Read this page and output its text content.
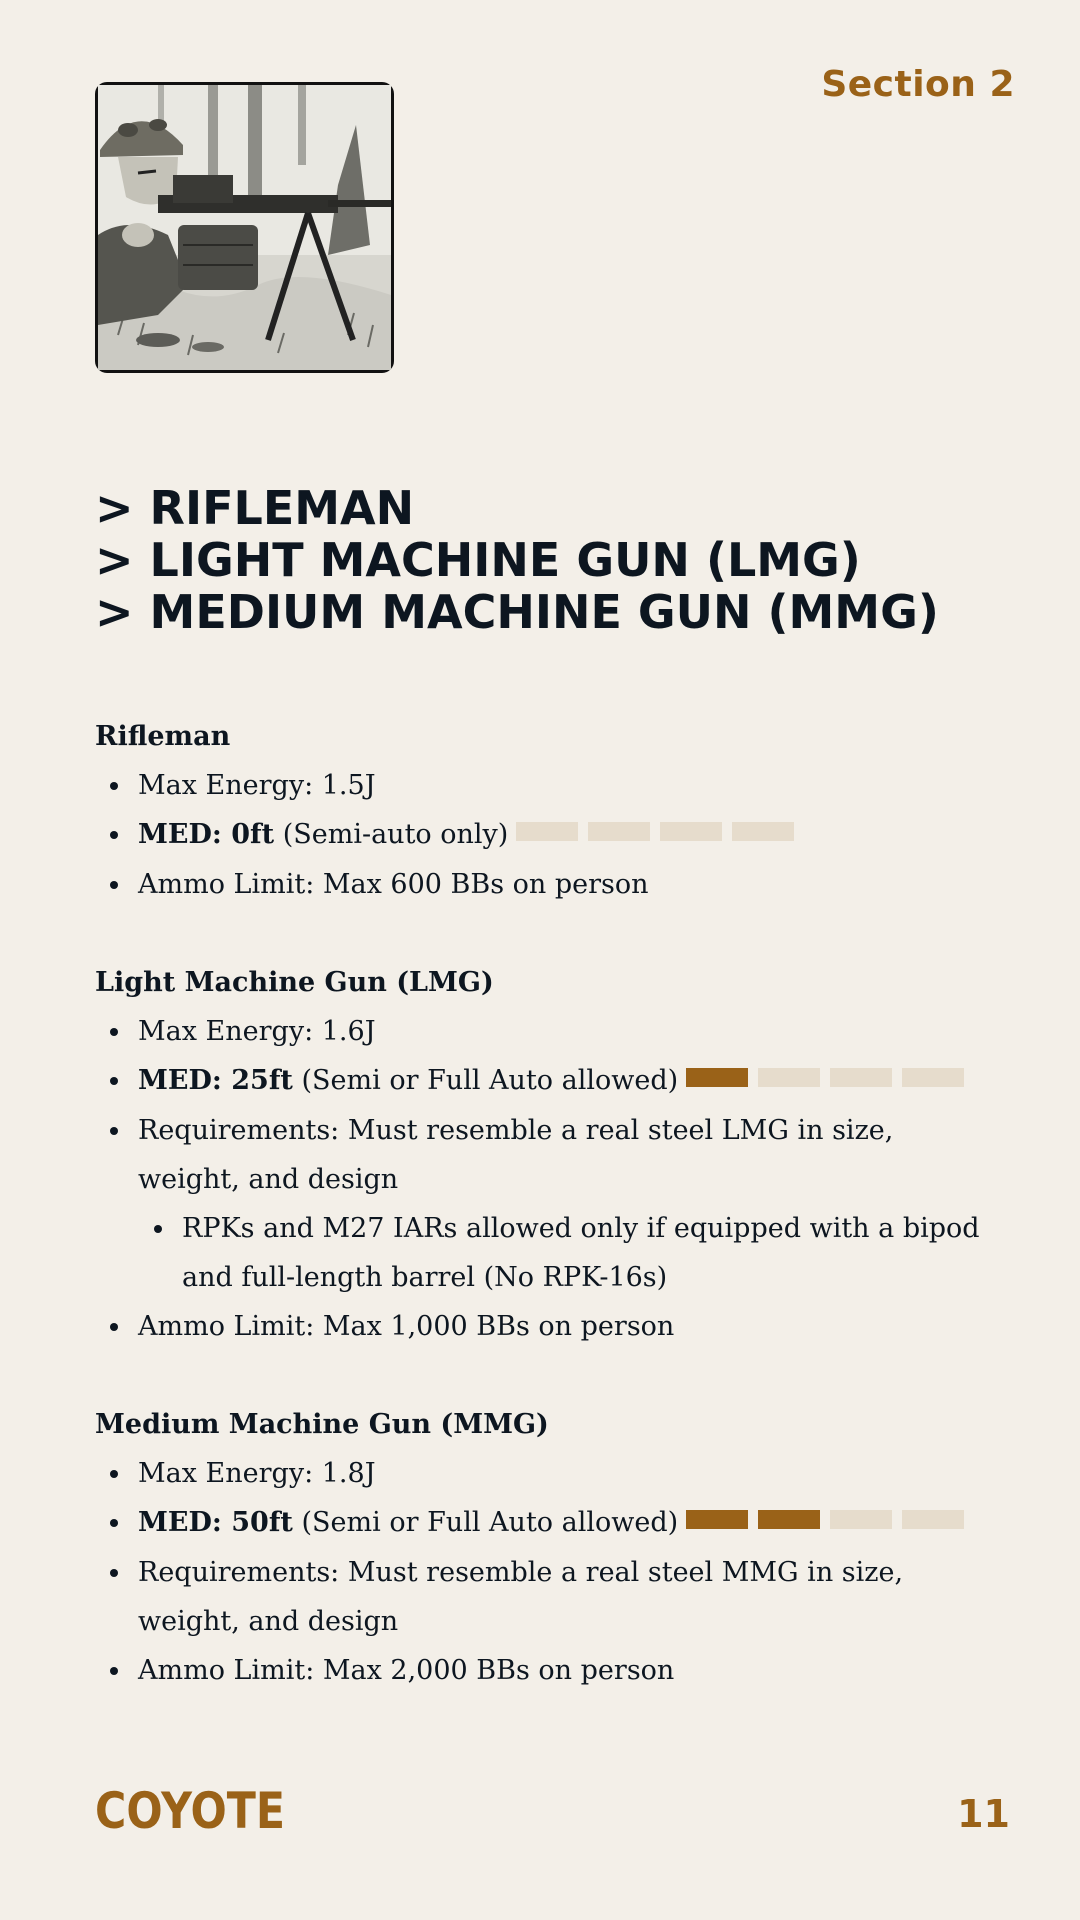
Section 2
> RIFLEMAN
> LIGHT MACHINE GUN (LMG)
> MEDIUM MACHINE GUN (MMG)
Rifleman
Max Energy: 1.5J
MED: 0ft (Semi-auto only)
Ammo Limit: Max 600 BBs on person
Light Machine Gun (LMG)
Max Energy: 1.6J
MED: 25ft (Semi or Full Auto allowed)
Requirements: Must resemble a real steel LMG in size, weight, and design
RPKs and M27 IARs allowed only if equipped with a bipod and full-length barrel (No RPK-16s)
Ammo Limit: Max 1,000 BBs on person
Medium Machine Gun (MMG)
Max Energy: 1.8J
MED: 50ft (Semi or Full Auto allowed)
Requirements: Must resemble a real steel MMG in size, weight, and design
Ammo Limit: Max 2,000 BBs on person
COYOTE	11
